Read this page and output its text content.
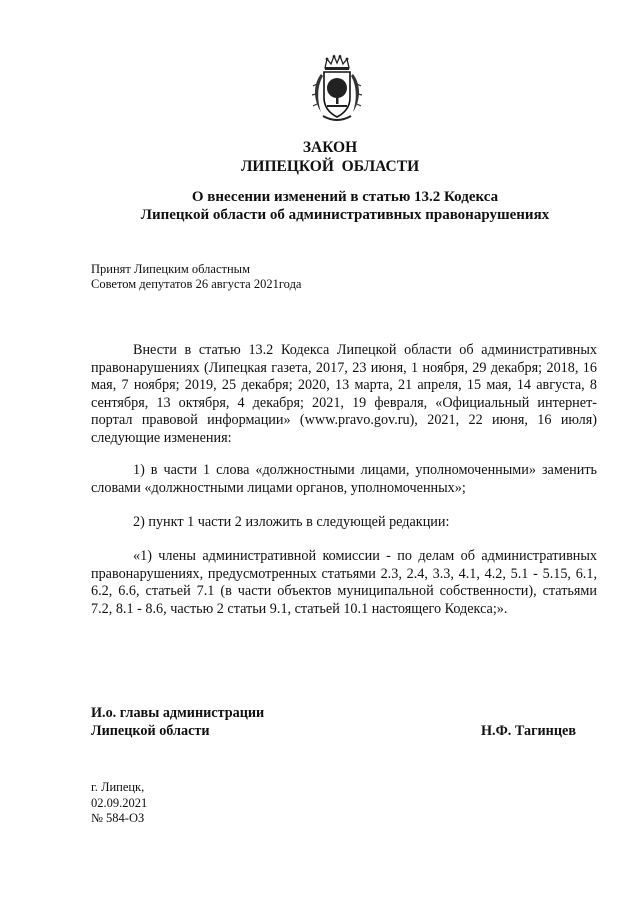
ЗАКОН
ЛИПЕЦКОЙ  ОБЛАСТИ
О внесении изменений в статью 13.2 Кодекса
Липецкой области об административных правонарушениях
Принят Липецким областным
Советом депутатов 26 августа 2021года
Внести в статью 13.2 Кодекса Липецкой области об административных правонарушениях (Липецкая газета, 2017, 23 июня, 1 ноября, 29 декабря; 2018, 16 мая, 7 ноября; 2019, 25 декабря; 2020, 13 марта, 21 апреля, 15 мая, 14 августа, 8 сентября, 13 октября, 4 декабря; 2021, 19 февраля, «Официальный интернет-портал правовой информации» (www.pravo.gov.ru), 2021, 22 июня, 16 июля) следующие изменения:
1) в части 1 слова «должностными лицами, уполномоченными» заменить словами «должностными лицами органов, уполномоченных»;
2) пункт 1 части 2 изложить в следующей редакции:
«1) члены административной комиссии - по делам об административных правонарушениях, предусмотренных статьями 2.3, 2.4, 3.3, 4.1, 4.2, 5.1 - 5.15, 6.1, 6.2, 6.6, статьей 7.1 (в части объектов муниципальной собственности), статьями 7.2, 8.1 - 8.6, частью 2 статьи 9.1, статьей 10.1 настоящего Кодекса;».
И.о. главы администрации
Липецкой области	Н.Ф. Тагинцев
г. Липецк,
02.09.2021
№ 584-ОЗ
